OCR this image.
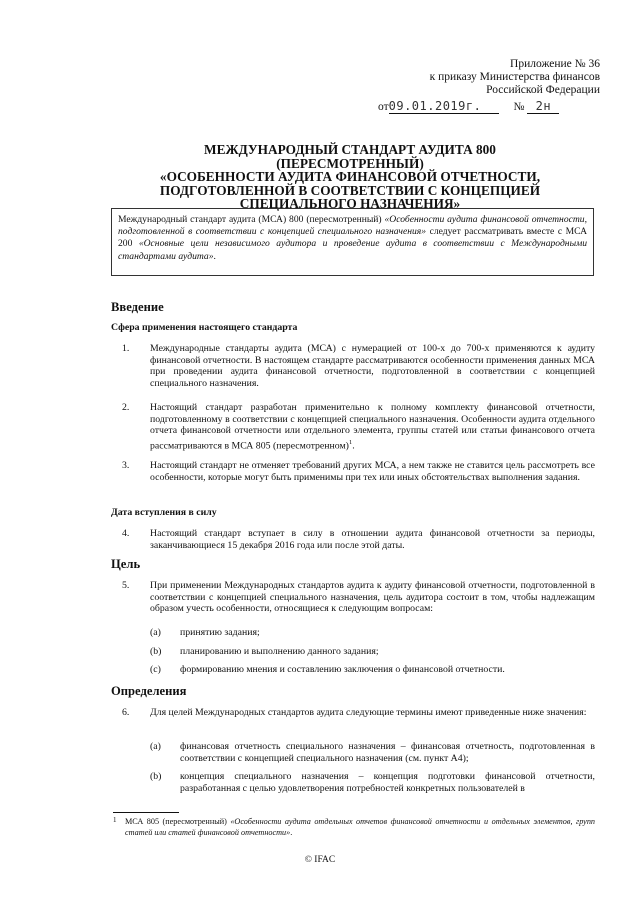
Приложение № 36
к приказу Министерства финансов
Российской Федерации
от09.01.2019г.	№ 2н
МЕЖДУНАРОДНЫЙ СТАНДАРТ АУДИТА 800 (ПЕРЕСМОТРЕННЫЙ)
«ОСОБЕННОСТИ АУДИТА ФИНАНСОВОЙ ОТЧЕТНОСТИ,
ПОДГОТОВЛЕННОЙ В СООТВЕТСТВИИ С КОНЦЕПЦИЕЙ
СПЕЦИАЛЬНОГО НАЗНАЧЕНИЯ»
Международный стандарт аудита (МСА) 800 (пересмотренный) «Особенности аудита финансовой отчетности, подготовленной в соответствии с концепцией специального назначения» следует рассматривать вместе с МСА 200 «Основные цели независимого аудитора и проведение аудита в соответствии с Международными стандартами аудита».
Введение
Сфера применения настоящего стандарта
1. Международные стандарты аудита (МСА) с нумерацией от 100-х до 700-х применяются к аудиту финансовой отчетности. В настоящем стандарте рассматриваются особенности применения данных МСА при проведении аудита финансовой отчетности, подготовленной в соответствии с концепцией специального назначения.
2. Настоящий стандарт разработан применительно к полному комплекту финансовой отчетности, подготовленному в соответствии с концепцией специального назначения. Особенности аудита отдельного отчета финансовой отчетности или отдельного элемента, группы статей или статьи финансового отчета рассматриваются в МСА 805 (пересмотренном)$^1$.
3. Настоящий стандарт не отменяет требований других МСА, а нем также не ставится цель рассмотреть все особенности, которые могут быть применимы при тех или иных обстоятельствах выполнения задания.
Дата вступления в силу
4. Настоящий стандарт вступает в силу в отношении аудита финансовой отчетности за периоды, заканчивающиеся 15 декабря 2016 года или после этой даты.
Цель
5. При применении Международных стандартов аудита к аудиту финансовой отчетности, подготовленной в соответствии с концепцией специального назначения, цель аудитора состоит в том, чтобы надлежащим образом учесть особенности, относящиеся к следующим вопросам:
(a) принятию задания;
(b) планированию и выполнению данного задания;
(c) формированию мнения и составлению заключения о финансовой отчетности.
Определения
6. Для целей Международных стандартов аудита следующие термины имеют приведенные ниже значения:
(a) финансовая отчетность специального назначения – финансовая отчетность, подготовленная в соответствии с концепцией специального назначения (см. пункт А4);
(b) концепция специального назначения – концепция подготовки финансовой отчетности, разработанная с целью удовлетворения потребностей конкретных пользователей в
1 МСА 805 (пересмотренный) «Особенности аудита отдельных отчетов финансовой отчетности и отдельных элементов, групп статей или статей финансовой отчетности».
© IFAC
